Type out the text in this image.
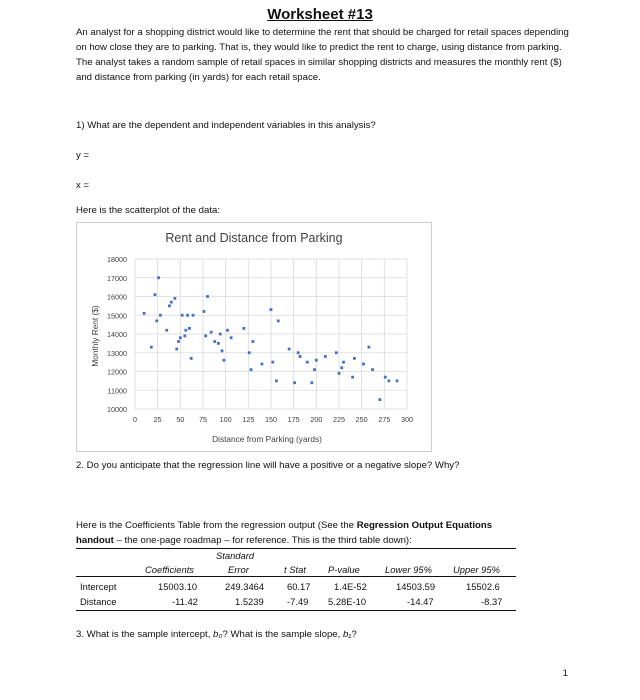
Worksheet #13
An analyst for a shopping district would like to determine the rent that should be charged for retail spaces depending on how close they are to parking. That is, they would like to predict the rent to charge, using distance from parking. The analyst takes a random sample of retail spaces in similar shopping districts and measures the monthly rent ($) and distance from parking (in yards) for each retail space.
1) What are the dependent and independent variables in this analysis?
y =
x =
Here is the scatterplot of the data:
Rent and Distance from Parking
10000
11000
12000
13000
14000
15000
16000
17000
18000
0 25 50 75 100 125 150 175 200 225 250 275 300
Monthly Rent ($)
Distance from Parking (yards)
2. Do you anticipate that the regression line will have a positive or a negative slope? Why?
Here is the Coefficients Table from the regression output (See the Regression Output Equations
handout – the one-page roadmap – for reference. This is the third table down):
Standard
Coefficients	Error	t Stat P-value	Lower 95% Upper 95%
Intercept	15003.10	249.3464 60.17	1.4E-52	14503.59	15502.6
Distance	-11.42	1.5239 -7.49 5.28E-10	-14.47	-8.37
3. What is the sample intercept, b₀? What is the sample slope, b₁?
1
